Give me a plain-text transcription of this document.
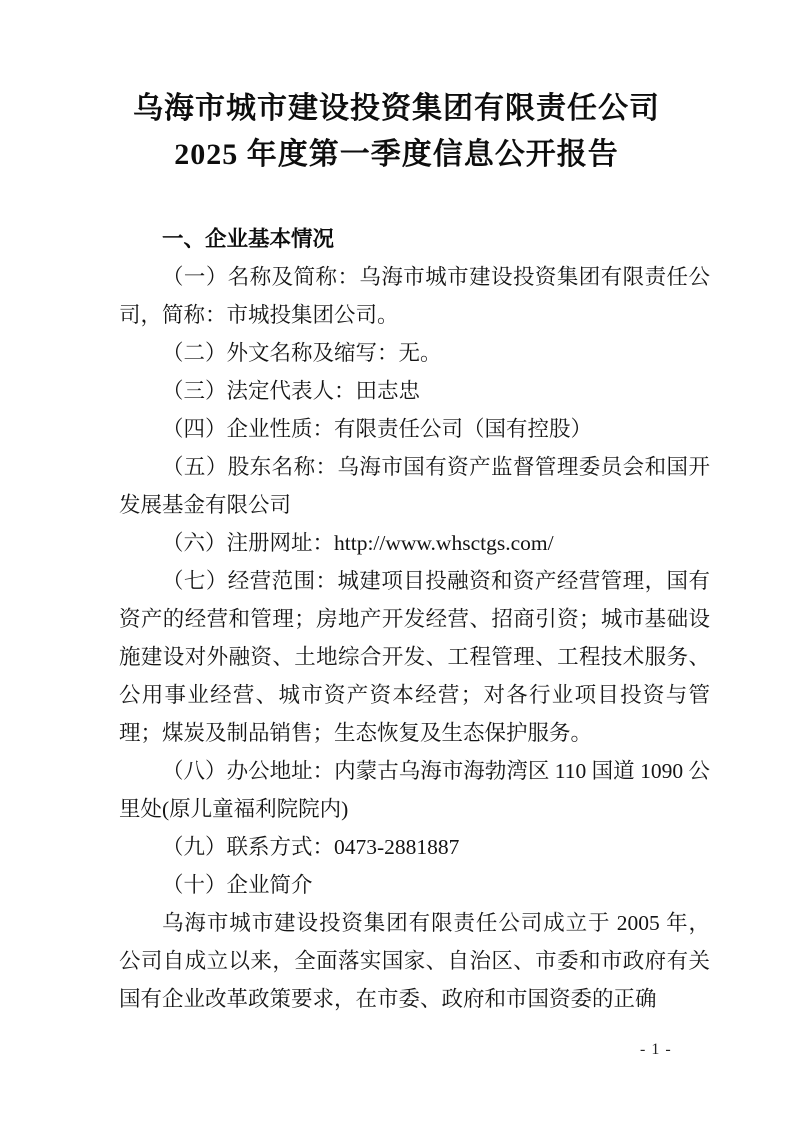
乌海市城市建设投资集团有限责任公司
2025 年度第一季度信息公开报告
一、企业基本情况

（一）名称及简称：乌海市城市建设投资集团有限责任公司，简称：市城投集团公司。

（二）外文名称及缩写：无。

（三）法定代表人：田志忠

（四）企业性质：有限责任公司（国有控股）

（五）股东名称：乌海市国有资产监督管理委员会和国开发展基金有限公司

（六）注册网址：http://www.whsctgs.com/

（七）经营范围：城建项目投融资和资产经营管理，国有资产的经营和管理；房地产开发经营、招商引资；城市基础设施建设对外融资、土地综合开发、工程管理、工程技术服务、公用事业经营、城市资产资本经营；对各行业项目投资与管理；煤炭及制品销售；生态恢复及生态保护服务。

（八）办公地址：内蒙古乌海市海勃湾区 110 国道 1090 公里处(原儿童福利院院内)

（九）联系方式：0473-2881887

（十）企业简介

乌海市城市建设投资集团有限责任公司成立于 2005 年，公司自成立以来，全面落实国家、自治区、市委和市政府有关国有企业改革政策要求，在市委、政府和市国资委的正确

- 1 -
